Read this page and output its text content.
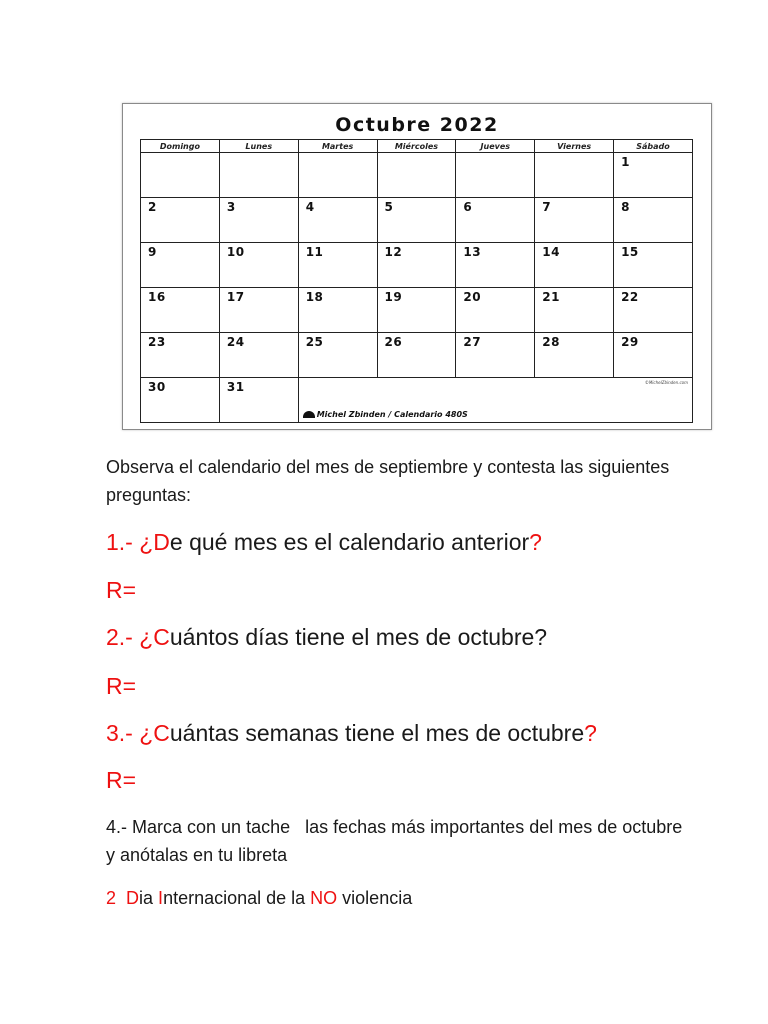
Octubre 2022
Domingo	Lunes	Martes	Miércoles	Jueves	Viernes	Sábado

						1

2	3	4	5	6	7	8

9	10	11	12	13	14	15

16	17	18	19	20	21	22

23	24	25	26	27	28	29

30	31	©MichelZbinden.com
Michel Zbinden / Calendario 480S				
Observa el calendario del mes de septiembre y contesta las siguientes preguntas:
1.- ¿De qué mes es el calendario anterior?
R=
2.- ¿Cuántos días tiene el mes de octubre?
R=
3.- ¿Cuántas semanas tiene el mes de octubre?
R=
4.- Marca con un tache   las fechas más importantes del mes de octubre y anótalas en tu libreta
2 Dia Internacional de la NO violencia
